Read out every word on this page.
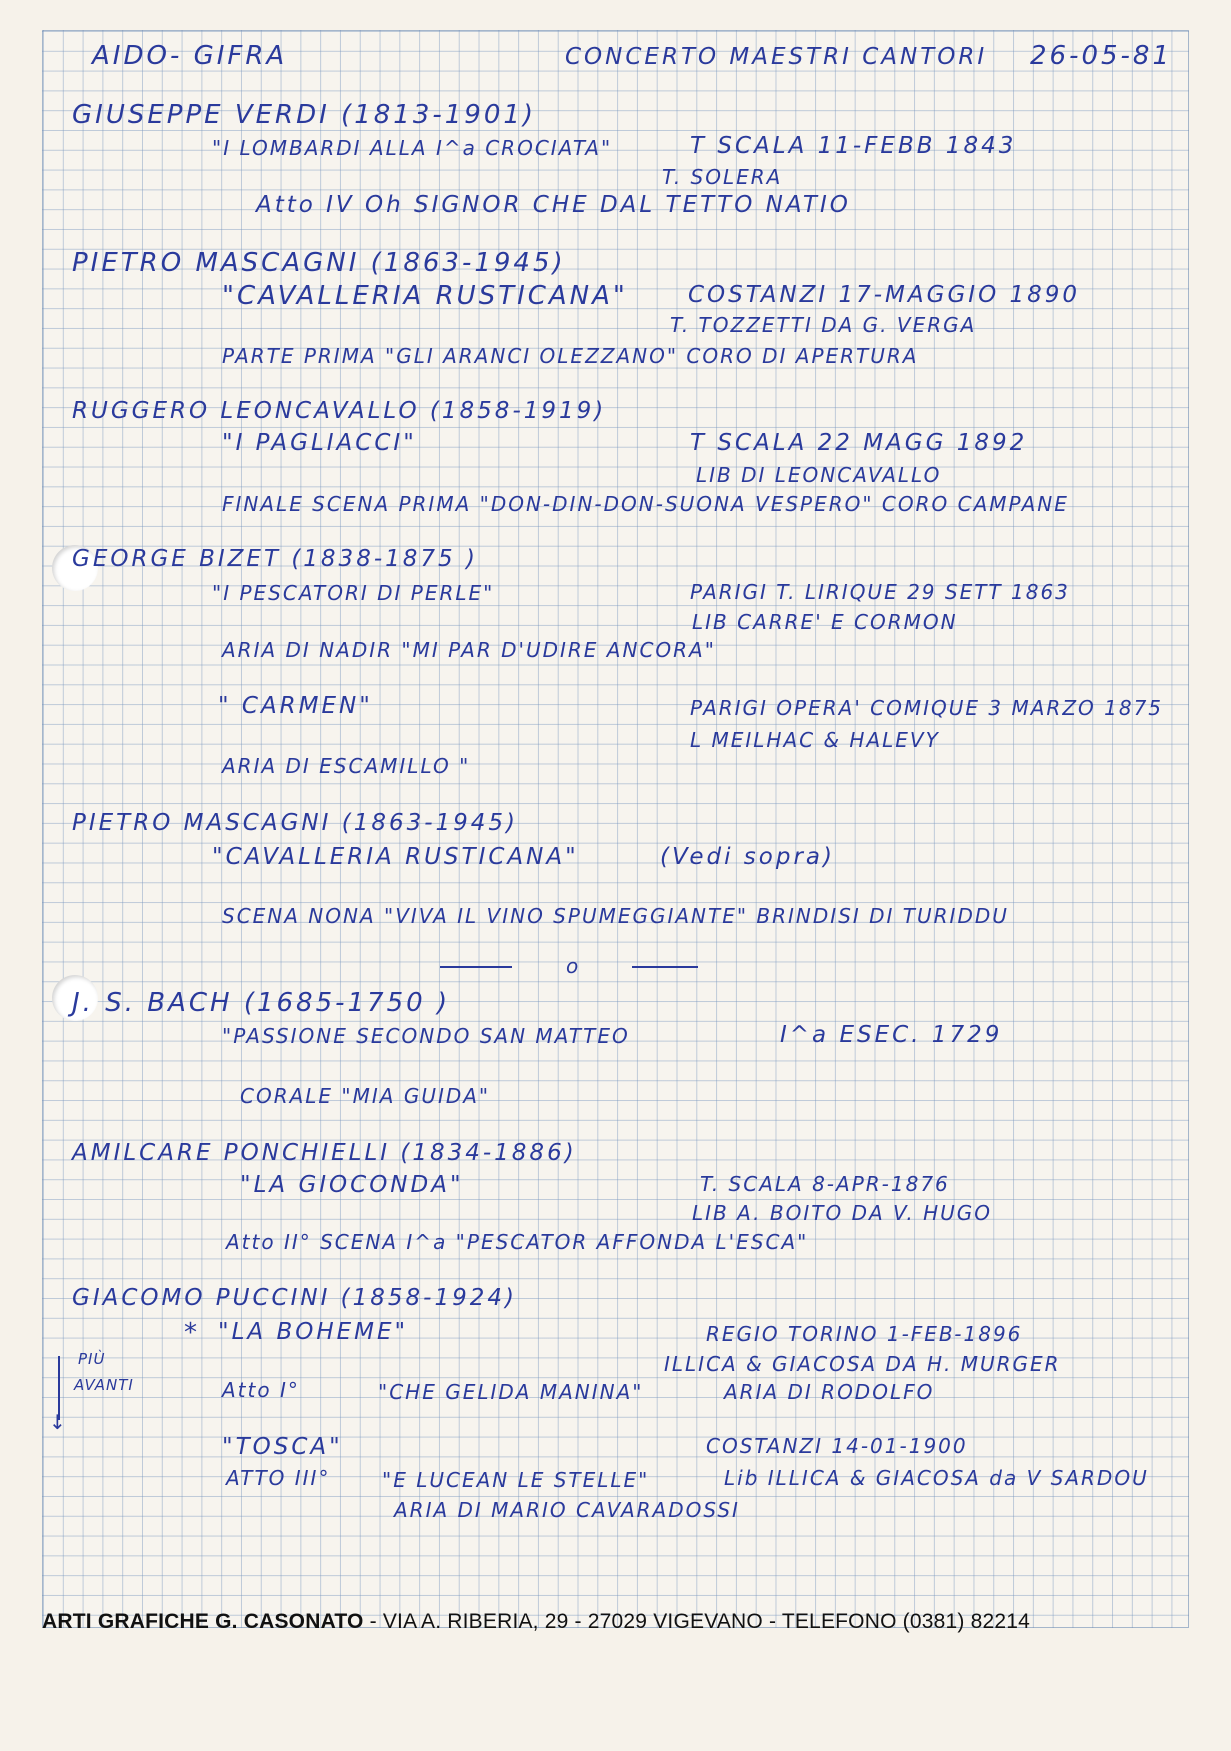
AIDO- GIFRA	CONCERTO MAESTRI CANTORI 26-05-81
GIUSEPPE VERDI (1813-1901)
"I LOMBARDI ALLA I^a CROCIATA"	T SCALA 11-FEBB 1843
T. SOLERA
Atto IV Oh SIGNOR CHE DAL TETTO NATIO
PIETRO MASCAGNI (1863-1945)
"CAVALLERIA RUSTICANA"	COSTANZI 17-MAGGIO 1890
T. TOZZETTI DA G. VERGA
PARTE PRIMA "GLI ARANCI OLEZZANO" CORO DI APERTURA
RUGGERO LEONCAVALLO (1858-1919)
"I PAGLIACCI"	T SCALA 22 MAGG 1892
LIB DI LEONCAVALLO
FINALE SCENA PRIMA "DON-DIN-DON-SUONA VESPERO" CORO CAMPANE
GEORGE BIZET (1838-1875 )
"I PESCATORI DI PERLE"	PARIGI T. LIRIQUE 29 SETT 1863
LIB CARRE' E CORMON
ARIA DI NADIR "MI PAR D'UDIRE ANCORA"
" CARMEN"	PARIGI OPERA' COMIQUE 3 MARZO 1875
L MEILHAC & HALEVY
ARIA DI ESCAMILLO "
PIETRO MASCAGNI (1863-1945)
"CAVALLERIA RUSTICANA"	(Vedi sopra)
SCENA NONA "VIVA IL VINO SPUMEGGIANTE" BRINDISI DI TURIDDU
o
J. S. BACH (1685-1750 )
"PASSIONE SECONDO SAN MATTEO	I^a ESEC. 1729
CORALE "MIA GUIDA"
AMILCARE PONCHIELLI (1834-1886)
"LA GIOCONDA"	T. SCALA 8-APR-1876
LIB A. BOITO DA V. HUGO
Atto II° SCENA I^a "PESCATOR AFFONDA L'ESCA"
GIACOMO PUCCINI (1858-1924)
* "LA BOHEME"	REGIO TORINO 1-FEB-1896
ILLICA & GIACOSA DA H. MURGER
↓
PIÙ
AVANTI	Atto I°	"CHE GELIDA MANINA"	ARIA DI RODOLFO
"TOSCA"	COSTANZI 14-01-1900
ATTO III°	"E LUCEAN LE STELLE"	Lib ILLICA & GIACOSA da V SARDOU
ARIA DI MARIO CAVARADOSSI
ARTI GRAFICHE G. CASONATO - VIA A. RIBERIA, 29 - 27029 VIGEVANO - TELEFONO (0381) 82214
